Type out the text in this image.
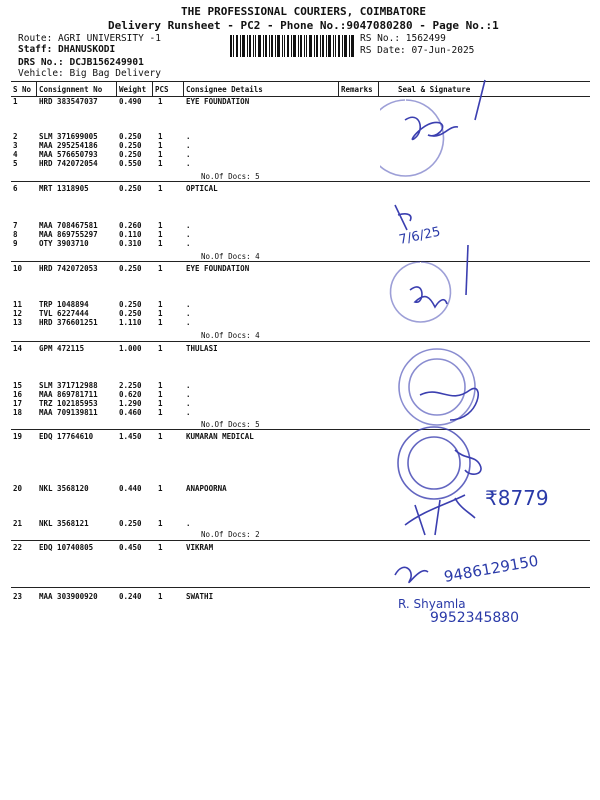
THE PROFESSIONAL COURIERS, COIMBATORE
Delivery Runsheet - PC2 - Phone No.:9047080280 - Page No.:1
Route: AGRI UNIVERSITY -1
Staff: DHANUSKODI
DRS No.: DCJB156249901
Vehicle: Big Bag Delivery
RS No.: 1562499
RS Date: 07-Jun-2025
S No Consignment No Weight PCS Consignee Details	Remarks	Seal & Signature
1	HRD 383547037	0.490 1	EYE FOUNDATION
2	SLM 371699005	0.250 1	.
3	MAA 295254186	0.250 1	.
4	MAA 576650793	0.250 1	.
5	HRD 742072054	0.550 1	.
6	MRT 1318905	0.250 1	OPTICAL
7	MAA 708467581	0.260 1	.
8	MAA 869755297	0.110 1	.
9	OTY 3903710	0.310 1	.
10 HRD 742072053	0.250 1	EYE FOUNDATION
11 TRP 1048894	0.250 1	.
12 TVL 6227444	0.250 1	.
13 HRD 376601251	1.110 1	.
14 GPM 472115	1.000 1	THULASI
15 SLM 371712988	2.250 1	.
16 MAA 869781711	0.620 1	.
17 TRZ 102185953	1.290 1	.
18 MAA 709139811	0.460 1	.
19 EDQ 17764610	1.450 1	KUMARAN MEDICAL
20 NKL 3568120	0.440 1	ANAPOORNA
21 NKL 3568121	0.250 1	.
22 EDQ 10740805	0.450 1	VIKRAM
23 MAA 303900920	0.240 1	SWATHI
No.Of Docs: 5
No.Of Docs: 4
No.Of Docs: 4
No.Of Docs: 5
No.Of Docs: 2
7/6/25
₹8779
9486129150
R. Shyamla
9952345880
